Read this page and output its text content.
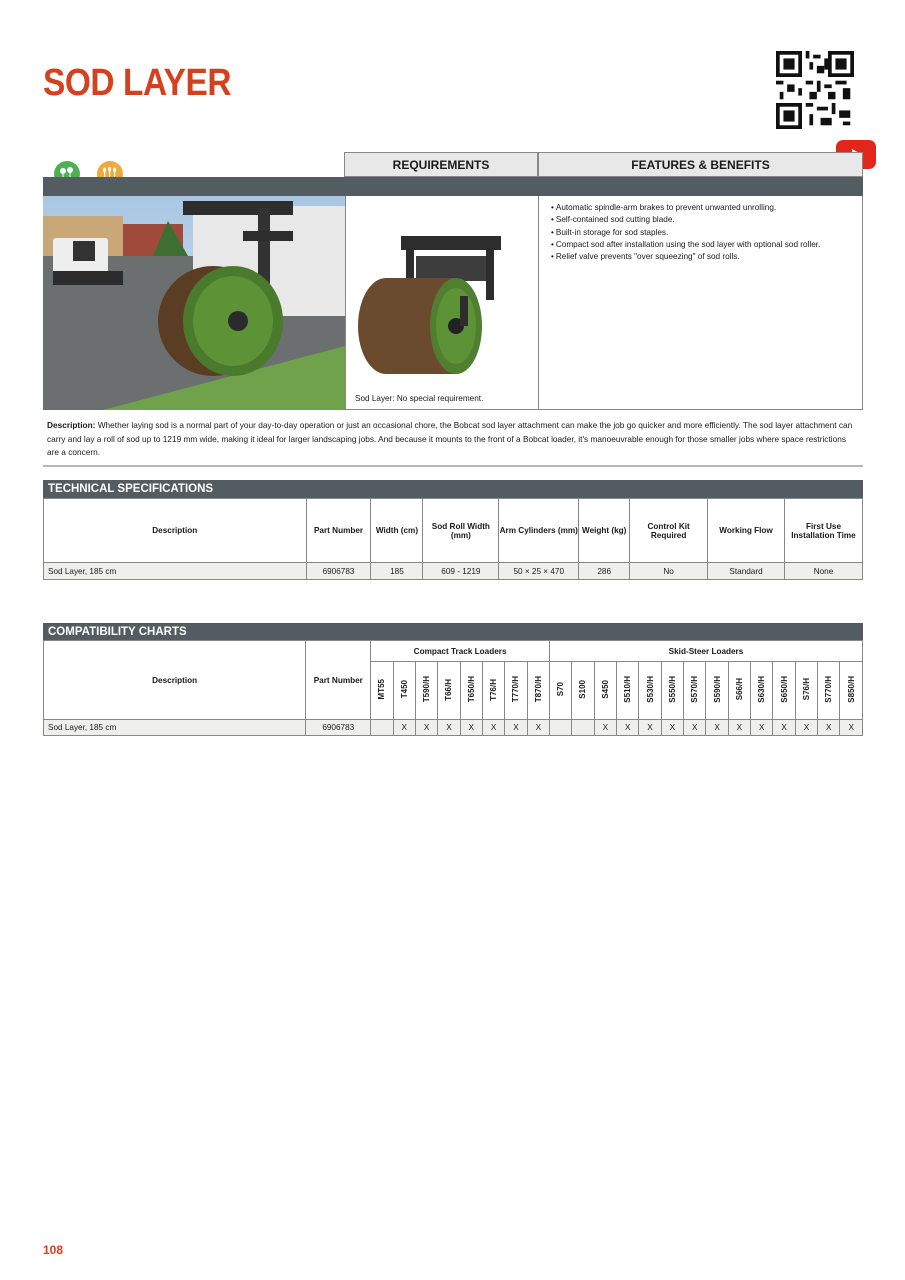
SOD LAYER
REQUIREMENTS	FEATURES & BENEFITS
Sod Layer: No special requirement.
• Automatic spindle-arm brakes to prevent unwanted unrolling.
• Self-contained sod cutting blade.
• Built-in storage for sod staples.
• Compact sod after installation using the sod layer with optional sod roller.
• Relief valve prevents "over squeezing" of sod rolls.
Description: Whether laying sod is a normal part of your day-to-day operation or just an occasional chore, the Bobcat sod layer attachment can make the job go quicker and more efficiently. The sod layer attachment can carry and lay a roll of sod up to 1219 mm wide, making it ideal for larger landscaping jobs. And because it mounts to the front of a Bobcat loader, it's manoeuvrable enough for those smaller jobs where space restrictions are a concern.
TECHNICAL SPECIFICATIONS
Description	Part Number	Width (cm)	Sod Roll Width (mm)	Arm Cylinders (mm)	Weight (kg)	Control Kit Required	Working Flow	First Use Installation Time
Sod Layer, 185 cm	6906783	185	609 - 1219	50 × 25 × 470	286	No	Standard	None
COMPATIBILITY CHARTS
Description	Part Number	Compact Track Loaders								Skid-Steer Loaders													
		MT55	T450	T590/H	T66/H	T650/H	T76/H	T770/H	T870/H	S70	S100	S450	S510/H	S530/H	S550/H	S570/H	S590/H	S66/H	S630/H	S650/H	S76/H	S770/H	S850/H
Sod Layer, 185 cm	6906783		X	X	X	X	X	X	X			X	X	X	X	X	X	X	X	X	X	X	X
108
